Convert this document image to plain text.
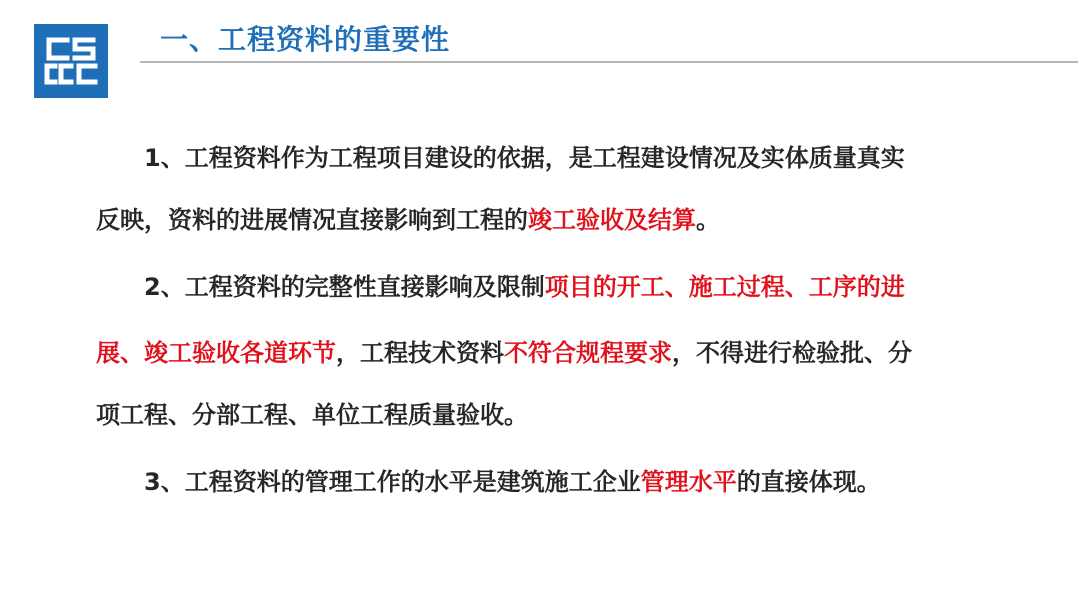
一、工程资料的重要性
1、工程资料作为工程项目建设的依据，是工程建设情况及实体质量真实
反映，资料的进展情况直接影响到工程的竣工验收及结算。
2、工程资料的完整性直接影响及限制项目的开工、施工过程、工序的进
展、竣工验收各道环节，工程技术资料不符合规程要求，不得进行检验批、分
项工程、分部工程、单位工程质量验收。
3、工程资料的管理工作的水平是建筑施工企业管理水平的直接体现。
